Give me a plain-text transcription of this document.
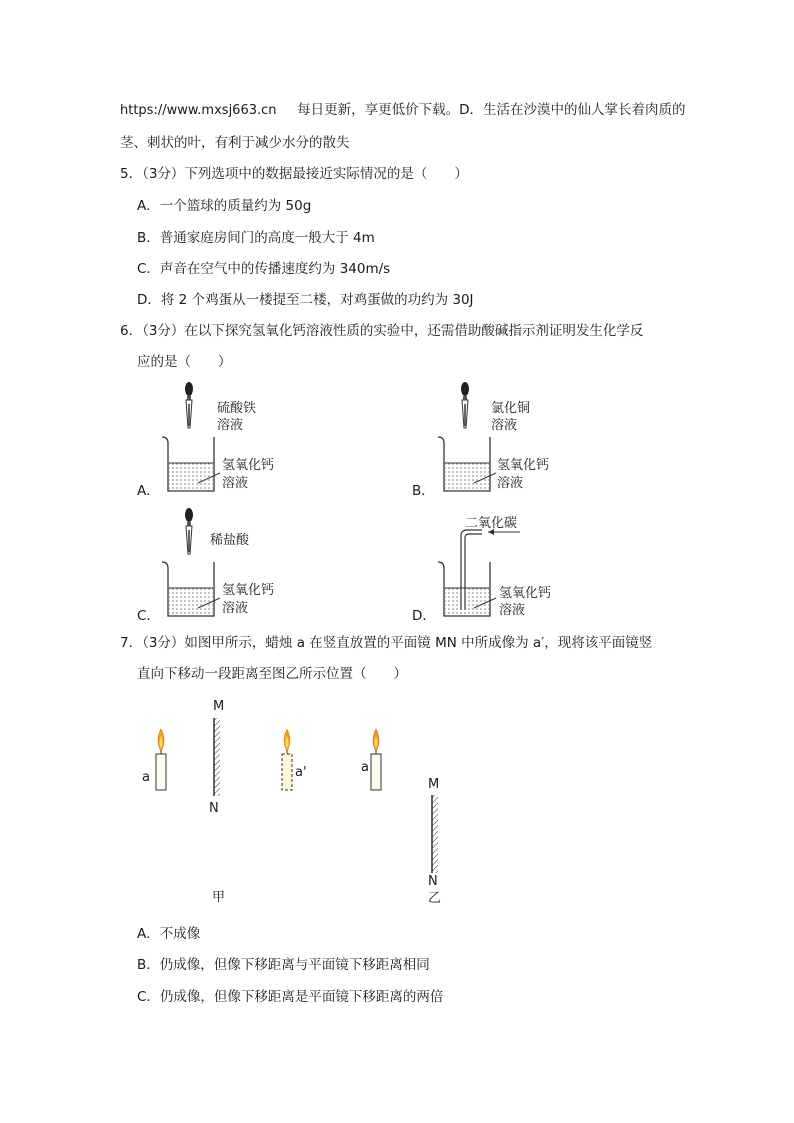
https://www.mxsj663.cn 每日更新，享更低价下载。D．生活在沙漠中的仙人掌长着肉质的
茎、刺状的叶，有利于减少水分的散失
5．（3分）下列选项中的数据最接近实际情况的是（　　）
A．一个篮球的质量约为 50g
B．普通家庭房间门的高度一般大于 4m
C．声音在空气中的传播速度约为 340m/s
D．将 2 个鸡蛋从一楼提至二楼，对鸡蛋做的功约为 30J
6．（3分）在以下探究氢氧化钙溶液性质的实验中，还需借助酸碱指示剂证明发生化学反
应的是（　　）
硫酸铁
溶液
氢氧化钙
溶液
A．
氯化铜
溶液
氢氧化钙
溶液
B．
稀盐酸
氢氧化钙
溶液
C．
二氧化碳
氢氧化钙
溶液
D．
7．（3分）如图甲所示，蜡烛 a 在竖直放置的平面镜 MN 中所成像为 a′，现将该平面镜竖
直向下移动一段距离至图乙所示位置（　　）
a
M
N
a'
甲
a
M
N
乙
A．不成像
B．仍成像，但像下移距离与平面镜下移距离相同
C．仍成像，但像下移距离是平面镜下移距离的两倍
